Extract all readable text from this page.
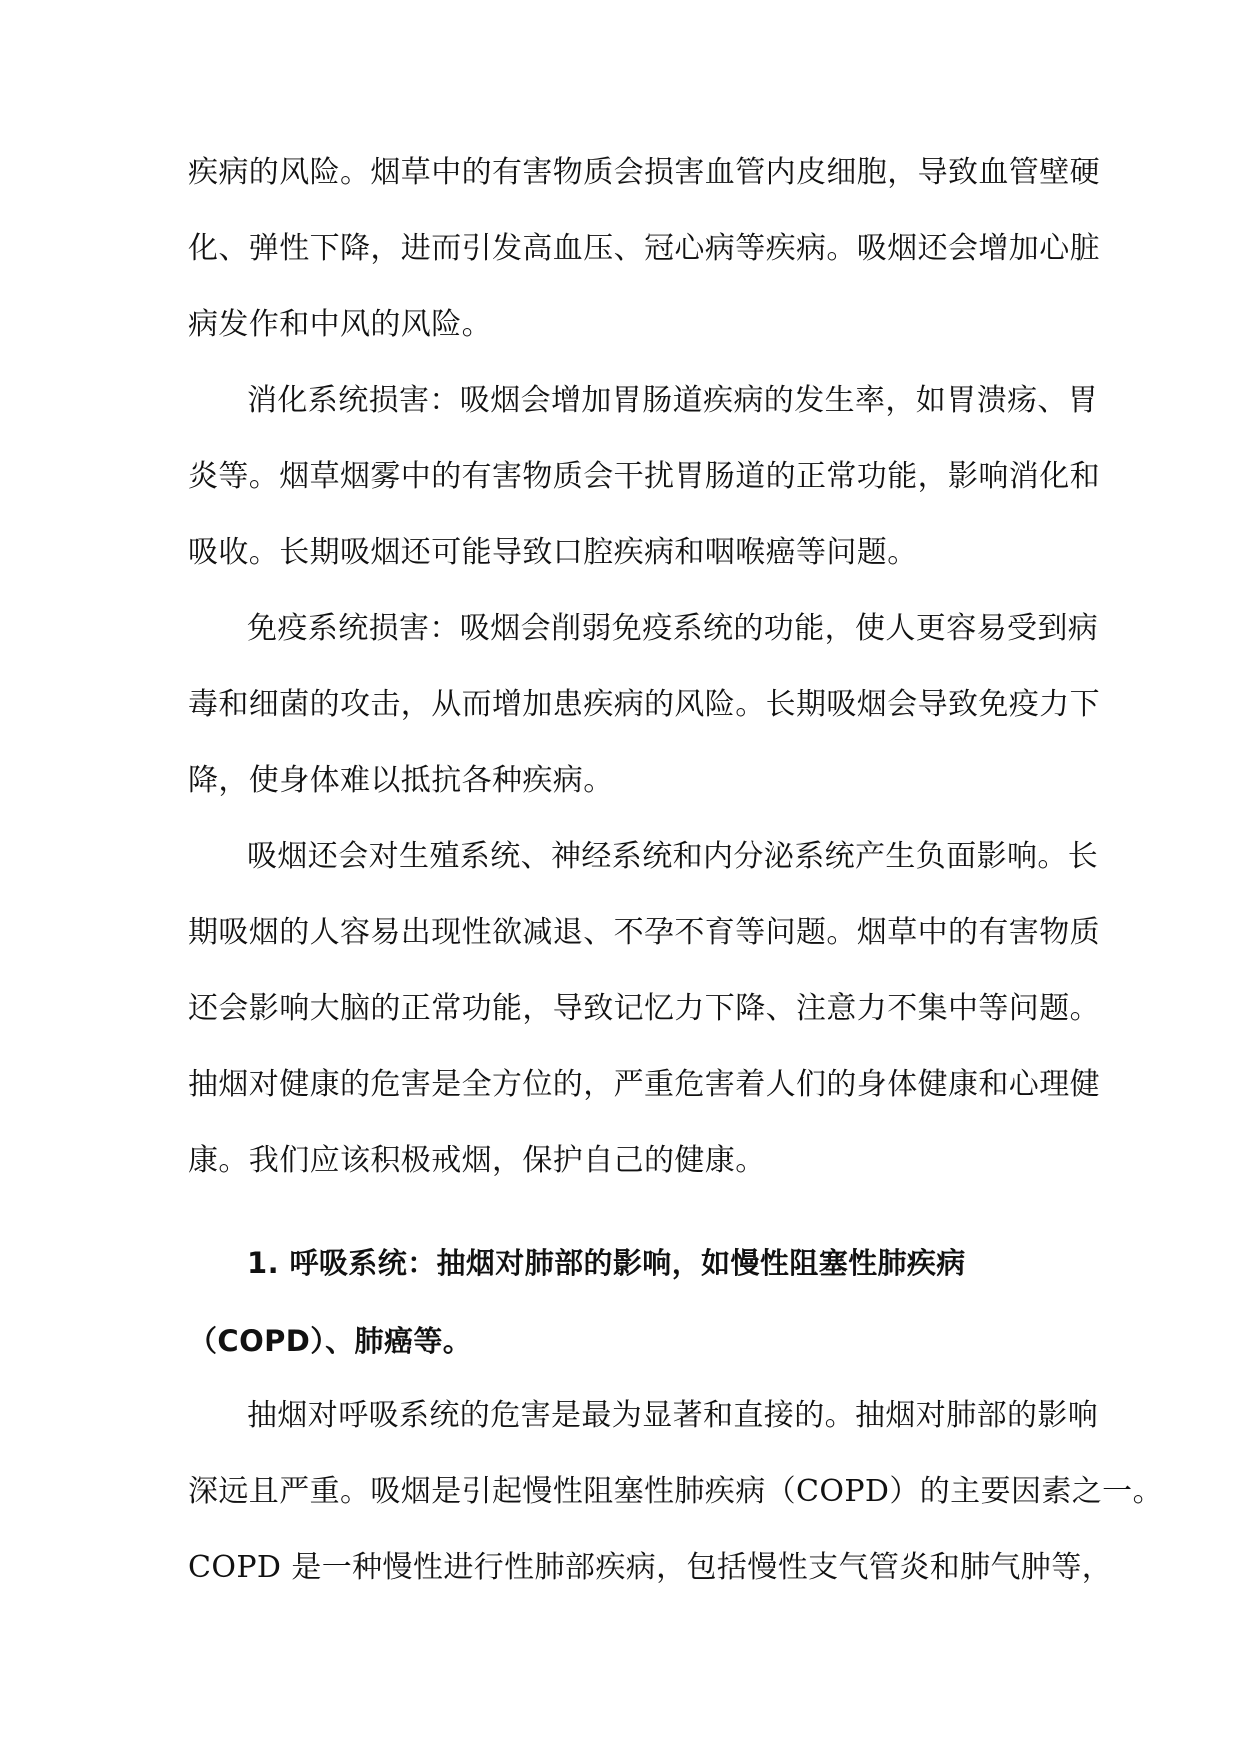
疾病的风险。烟草中的有害物质会损害血管内皮细胞，导致血管壁硬
化、弹性下降，进而引发高血压、冠心病等疾病。吸烟还会增加心脏
病发作和中风的风险。
消化系统损害：吸烟会增加胃肠道疾病的发生率，如胃溃疡、胃
炎等。烟草烟雾中的有害物质会干扰胃肠道的正常功能，影响消化和
吸收。长期吸烟还可能导致口腔疾病和咽喉癌等问题。
免疫系统损害：吸烟会削弱免疫系统的功能，使人更容易受到病
毒和细菌的攻击，从而增加患疾病的风险。长期吸烟会导致免疫力下
降，使身体难以抵抗各种疾病。
吸烟还会对生殖系统、神经系统和内分泌系统产生负面影响。长
期吸烟的人容易出现性欲减退、不孕不育等问题。烟草中的有害物质
还会影响大脑的正常功能，导致记忆力下降、注意力不集中等问题。
抽烟对健康的危害是全方位的，严重危害着人们的身体健康和心理健
康。我们应该积极戒烟，保护自己的健康。
1. 呼吸系统：抽烟对肺部的影响，如慢性阻塞性肺疾病
（COPD）、肺癌等。
抽烟对呼吸系统的危害是最为显著和直接的。抽烟对肺部的影响
深远且严重。吸烟是引起慢性阻塞性肺疾病（COPD）的主要因素之一。
COPD 是一种慢性进行性肺部疾病，包括慢性支气管炎和肺气肿等，
